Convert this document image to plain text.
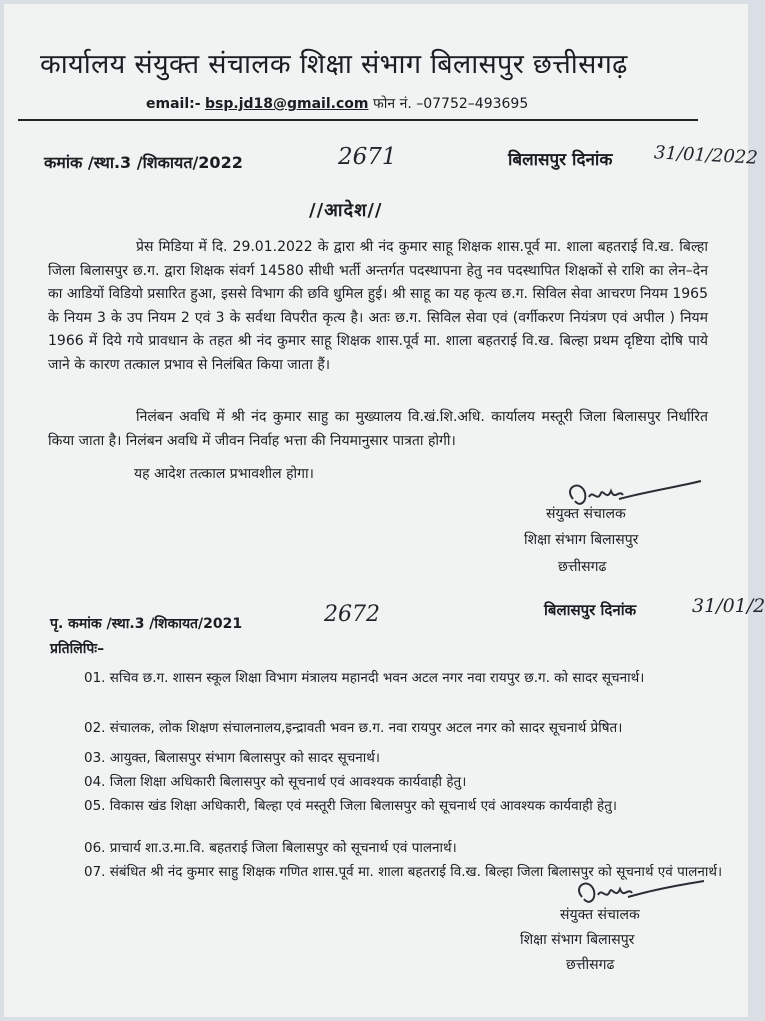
कार्यालय संयुक्त संचालक शिक्षा संभाग बिलासपुर छत्तीसगढ़
email:- bsp.jd18@gmail.com फोन नं. –07752–493695
कमांक /स्था.3 /शिकायत/2022	2671	बिलासपुर दिनांक 31/01/2022
//आदेश//
प्रेस मिडिया में दि. 29.01.2022 के द्वारा श्री नंद कुमार साहू शिक्षक शास.पूर्व मा. शाला बहतराई वि.ख. बिल्हा जिला बिलासपुर छ.ग. द्वारा शिक्षक संवर्ग 14580 सीधी भर्ती अन्तर्गत पदस्थापना हेतु नव पदस्थापित शिक्षकों से राशि का लेन–देन का आडियों विडियो प्रसारित हुआ, इससे विभाग की छवि धुमिल हुई। श्री साहू का यह कृत्य छ.ग. सिविल सेवा आचरण नियम 1965 के नियम 3 के उप नियम 2 एवं 3 के सर्वथा विपरीत कृत्य है। अतः छ.ग. सिविल सेवा एवं (वर्गीकरण नियंत्रण एवं अपील ) नियम 1966 में दिये गये प्रावधान के तहत श्री नंद कुमार साहू शिक्षक शास.पूर्व मा. शाला बहतराई वि.ख. बिल्हा प्रथम दृष्टिया दोषि पाये जाने के कारण तत्काल प्रभाव से निलंबित किया जाता हैं।
निलंबन अवधि में श्री नंद कुमार साहु का मुख्यालय वि.खं.शि.अधि. कार्यालय मस्तूरी जिला बिलासपुर निर्धारित किया जाता है। निलंबन अवधि में जीवन निर्वाह भत्ता की नियमानुसार पात्रता होगी।
यह आदेश तत्काल प्रभावशील होगा।
संयुक्त संचालक
शिक्षा संभाग बिलासपुर
छत्तीसगढ
पृ. कमांक /स्था.3 /शिकायत/2021	2672	बिलासपुर दिनांक	31/01/2
प्रतिलिपिः–
01. सचिव छ.ग. शासन स्कूल शिक्षा विभाग मंत्रालय महानदी भवन अटल नगर नवा रायपुर छ.ग. को सादर सूचनार्थ।
02. संचालक, लोक शिक्षण संचालनालय,इन्द्रावती भवन छ.ग. नवा रायपुर अटल नगर को सादर सूचनार्थ प्रेषित।
03. आयुक्त, बिलासपुर संभाग बिलासपुर को सादर सूचनार्थ।
04. जिला शिक्षा अधिकारी बिलासपुर को सूचनार्थ एवं आवश्यक कार्यवाही हेतु।
05. विकास खंड शिक्षा अधिकारी, बिल्हा एवं मस्तूरी जिला बिलासपुर को सूचनार्थ एवं आवश्यक कार्यवाही हेतु।
06. प्राचार्य शा.उ.मा.वि. बहतराई जिला बिलासपुर को सूचनार्थ एवं पालनार्थ।
07. संबंधित श्री नंद कुमार साहु शिक्षक गणित शास.पूर्व मा. शाला बहतराई वि.ख. बिल्हा जिला बिलासपुर को सूचनार्थ एवं पालनार्थ।
संयुक्त संचालक
शिक्षा संभाग बिलासपुर
छत्तीसगढ
